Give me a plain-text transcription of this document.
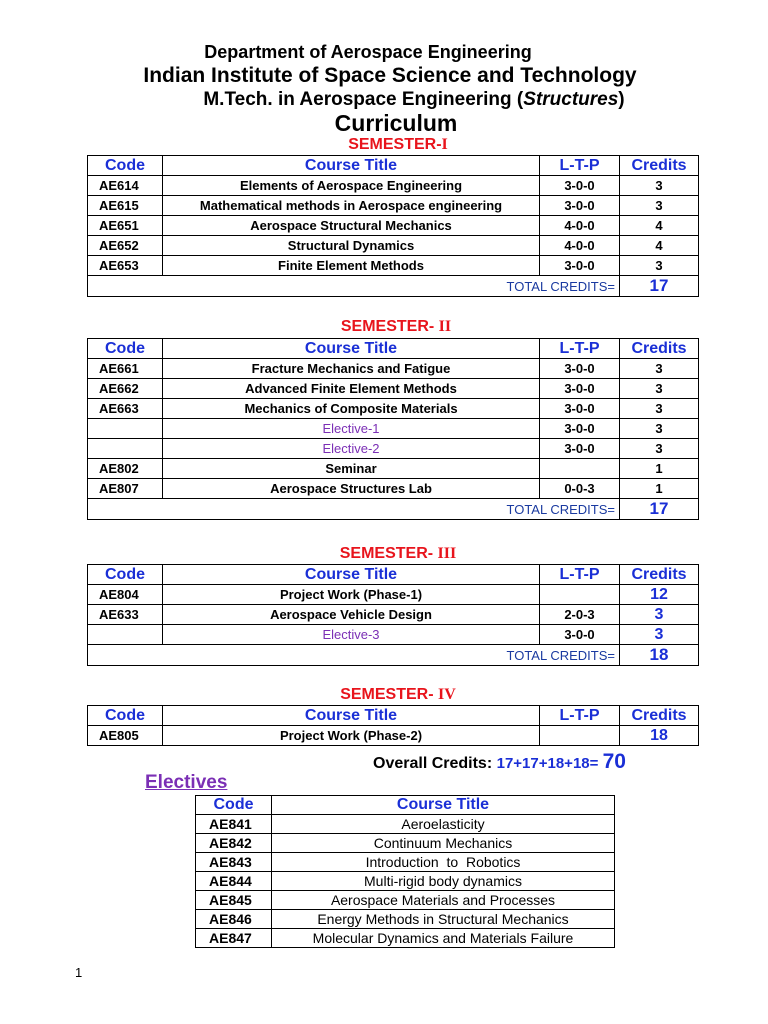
Department of Aerospace Engineering
Indian Institute of Space Science and Technology
M.Tech. in Aerospace Engineering (Structures)
Curriculum
SEMESTER-I
Code	Course Title	L-T-P	Credits
AE614	Elements of Aerospace Engineering	3-0-0	3
AE615	Mathematical methods in Aerospace engineering	3-0-0	3
AE651	Aerospace Structural Mechanics	4-0-0	4
AE652	Structural Dynamics	4-0-0	4
AE653	Finite Element Methods	3-0-0	3
TOTAL CREDITS=			17
SEMESTER- II
Code	Course Title	L-T-P	Credits
AE661	Fracture Mechanics and Fatigue	3-0-0	3
AE662	Advanced Finite Element Methods	3-0-0	3
AE663	Mechanics of Composite Materials	3-0-0	3
	Elective-1	3-0-0	3
	Elective-2	3-0-0	3
AE802	Seminar		1
AE807	Aerospace Structures Lab	0-0-3	1
TOTAL CREDITS=			17
SEMESTER- III
Code	Course Title	L-T-P	Credits
AE804	Project Work (Phase-1)		12
AE633	Aerospace Vehicle Design	2-0-3	3
	Elective-3	3-0-0	3
TOTAL CREDITS=			18
SEMESTER- IV
Code	Course Title	L-T-P	Credits
AE805	Project Work (Phase-2)		18
Overall Credits: 17+17+18+18= 70
Electives
Code	Course Title
AE841	Aeroelasticity
AE842	Continuum Mechanics
AE843	Introduction  to  Robotics
AE844	Multi-rigid body dynamics
AE845	Aerospace Materials and Processes
AE846	Energy Methods in Structural Mechanics
AE847	Molecular Dynamics and Materials Failure
1
